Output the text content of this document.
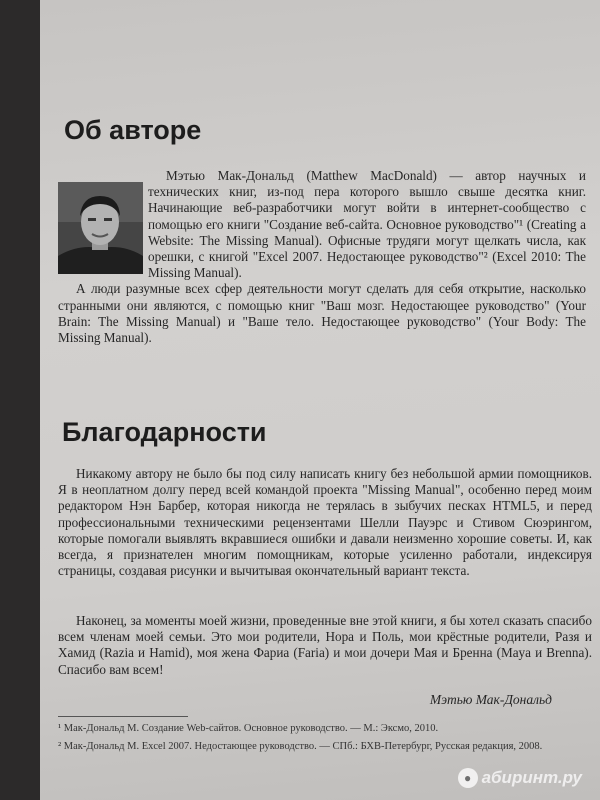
Об авторе

Мэтью Мак-Дональд (Matthew MacDonald) — автор научных и технических книг, из-под пера которого вышло свыше десятка книг. Начинающие веб-разработчики могут войти в интернет-сообщество с помощью его книги "Создание веб-сайта. Основное руководство"¹ (Creating a Website: The Missing Manual). Офисные трудяги могут щелкать числа, как орешки, с книгой "Excel 2007. Недостающее руководство"² (Excel 2010: The Missing Manual).
А люди разумные всех сфер деятельности могут сделать для себя открытие, насколько странными они являются, с помощью книг "Ваш мозг. Недостающее руководство" (Your Brain: The Missing Manual) и "Ваше тело. Недостающее руководство" (Your Body: The Missing Manual).

Благодарности

Никакому автору не было бы под силу написать книгу без небольшой армии помощников. Я в неоплатном долгу перед всей командой проекта "Missing Manual", особенно перед моим редактором Нэн Барбер, которая никогда не терялась в зыбучих песках HTML5, и перед профессиональными техническими рецензентами Шелли Пауэрс и Стивом Сюэрингом, которые помогали выявлять вкравшиеся ошибки и давали неизменно хорошие советы. И, как всегда, я признателен многим помощникам, которые усиленно работали, индексируя страницы, создавая рисунки и вычитывая окончательный вариант текста.

Наконец, за моменты моей жизни, проведенные вне этой книги, я бы хотел сказать спасибо всем членам моей семьи. Это мои родители, Нора и Поль, мои крёстные родители, Разя и Хамид (Razia и Hamid), моя жена Фариа (Faria) и мои дочери Мая и Бренна (Maya и Brenna). Спасибо вам всем!

Мэтью Мак-Дональд

¹ Мак-Дональд М. Создание Web-сайтов. Основное руководство. — М.: Эксмо, 2010.

² Мак-Дональд М. Excel 2007. Недостающее руководство. — СПб.: БХВ-Петербург, Русская редакция, 2008.

● абиринт.ру
